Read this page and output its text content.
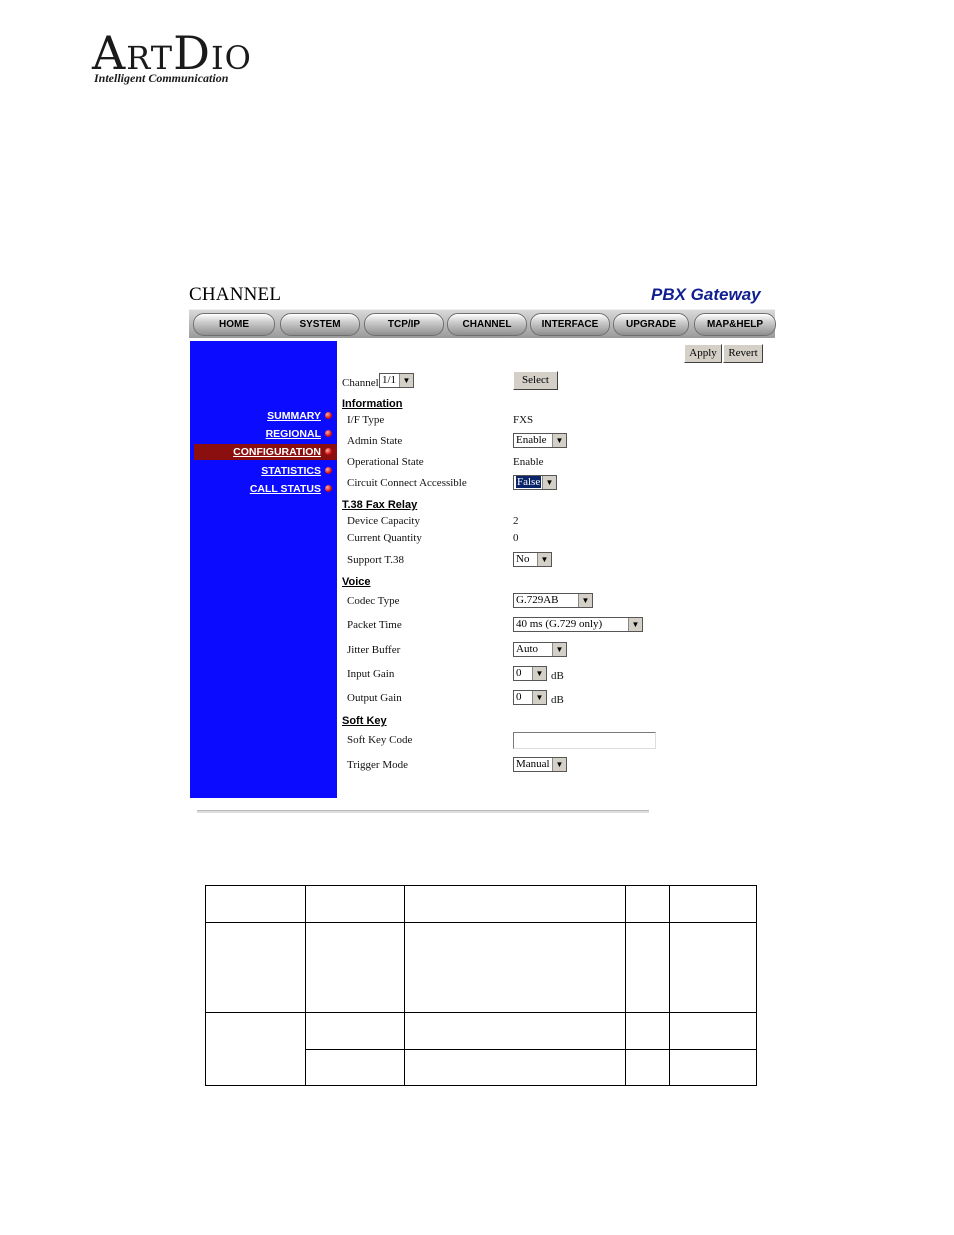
ARTDIO
Intelligent Communication
CHANNEL	PBX Gateway
HOME	SYSTEM	TCP/IP	CHANNEL	INTERFACE	UPGRADE	MAP&HELP
SUMMARY
REGIONAL
CONFIGURATION
STATISTICS
CALL STATUS
Apply	Revert
Channel 1/1 ▼	Select
Information
I/F Type	FXS
Admin State	Enable	▼
Operational State	Enable
Circuit Connect Accessible	False ▼
T.38 Fax Relay
Device Capacity	2
Current Quantity	0
Support T.38	No	▼
Voice
Codec Type	G.729AB	▼
Packet Time	40 ms (G.729 only)	▼
Jitter Buffer	Auto	▼
Input Gain	0	▼ dB
Output Gain	0	▼ dB
Soft Key
Soft Key Code
Trigger Mode	Manual ▼
